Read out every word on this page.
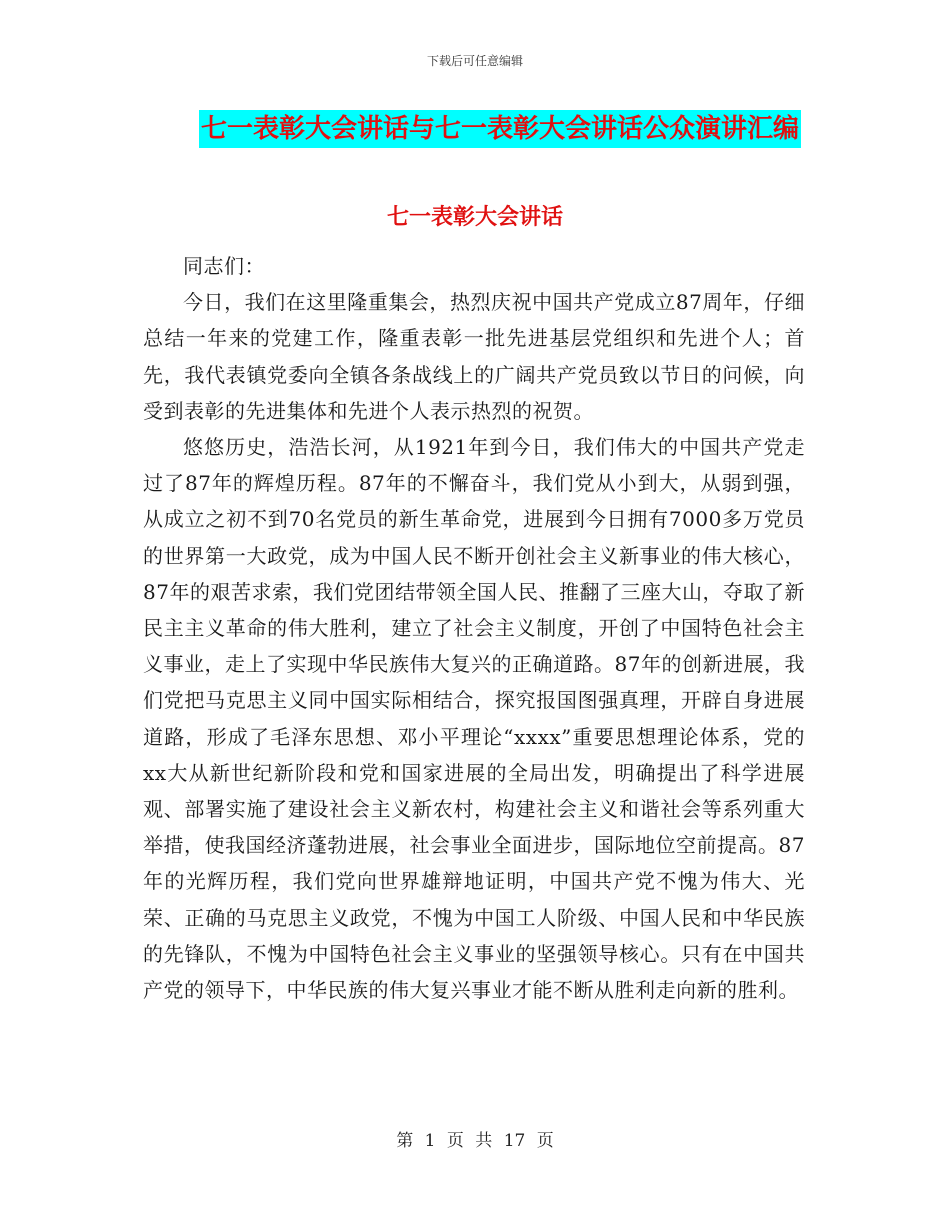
下载后可任意编辑
七一表彰大会讲话与七一表彰大会讲话公众演讲汇编
七一表彰大会讲话

同志们：

今日，我们在这里隆重集会，热烈庆祝中国共产党成立87周年，仔细总结一年来的党建工作，隆重表彰一批先进基层党组织和先进个人；首先，我代表镇党委向全镇各条战线上的广阔共产党员致以节日的问候，向受到表彰的先进集体和先进个人表示热烈的祝贺。

悠悠历史，浩浩长河，从1921年到今日，我们伟大的中国共产党走过了87年的辉煌历程。87年的不懈奋斗，我们党从小到大，从弱到强，从成立之初不到70名党员的新生革命党，进展到今日拥有7000多万党员的世界第一大政党，成为中国人民不断开创社会主义新事业的伟大核心，87年的艰苦求索，我们党团结带领全国人民、推翻了三座大山，夺取了新民主主义革命的伟大胜利，建立了社会主义制度，开创了中国特色社会主义事业，走上了实现中华民族伟大复兴的正确道路。87年的创新进展，我们党把马克思主义同中国实际相结合，探究报国图强真理，开辟自身进展道路，形成了毛泽东思想、邓小平理论“xxxx”重要思想理论体系，党的xx大从新世纪新阶段和党和国家进展的全局出发，明确提出了科学进展观、部署实施了建设社会主义新农村，构建社会主义和谐社会等系列重大举措，使我国经济蓬勃进展，社会事业全面进步，国际地位空前提高。87年的光辉历程，我们党向世界雄辩地证明，中国共产党不愧为伟大、光荣、正确的马克思主义政党，不愧为中国工人阶级、中国人民和中华民族的先锋队，不愧为中国特色社会主义事业的坚强领导核心。只有在中国共产党的领导下，中华民族的伟大复兴事业才能不断从胜利走向新的胜利。

第 1 页 共 17 页
